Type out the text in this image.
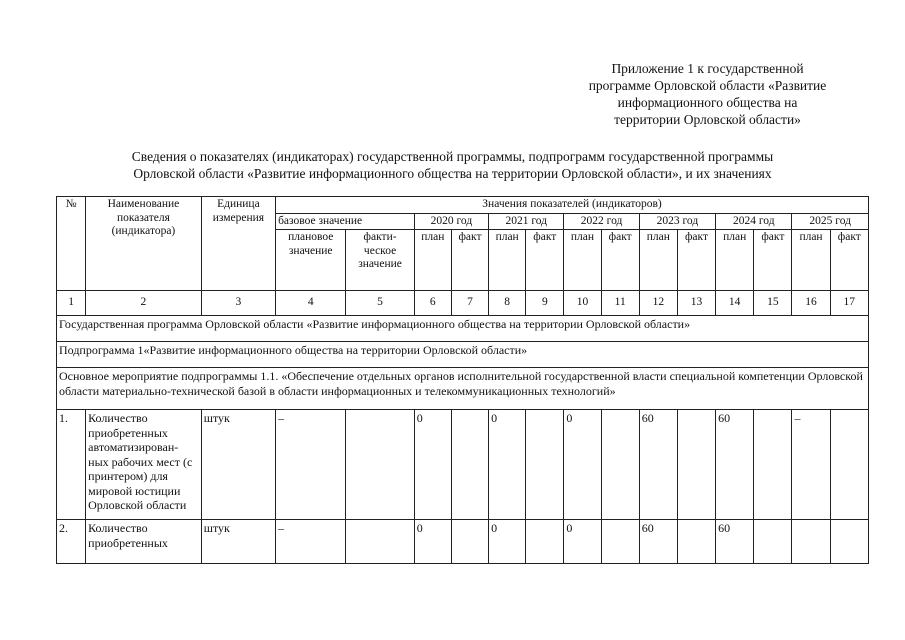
Приложение 1 к государственной
программе Орловской области «Развитие
информационного общества на
территории Орловской области»
Сведения о показателях (индикаторах) государственной программы, подпрограмм государственной программы
Орловской области «Развитие информационного общества на территории Орловской области», и их значениях
№	Наименование показателя (индикатора)	Единица измерения	Значения показателей (индикаторов)													
			базовое значение		2020 год		2021 год		2022 год		2023 год		2024 год		2025 год	
			плановое значение	факти-ческое значение	план	факт	план	факт	план	факт	план	факт	план	факт	план	факт
1	2	3	4	5	6	7	8	9	10	11	12	13	14	15	16	17
Государственная программа Орловской области «Развитие информационного общества на территории Орловской области»																
Подпрограмма 1«Развитие информационного общества на территории Орловской области»																
Основное мероприятие подпрограммы 1.1. «Обеспечение отдельных органов исполнительной государственной власти специальной компетенции Орловской области материально-технической базой в области информационных и телекоммуникационных технологий»																
1.	Количество приобретенных автоматизирован-ных рабочих мест (с принтером) для мировой юстиции Орловской области	штук	–		0		0		0		60		60		–	
2.	Количество приобретенных	штук	–		0		0		0		60		60			
